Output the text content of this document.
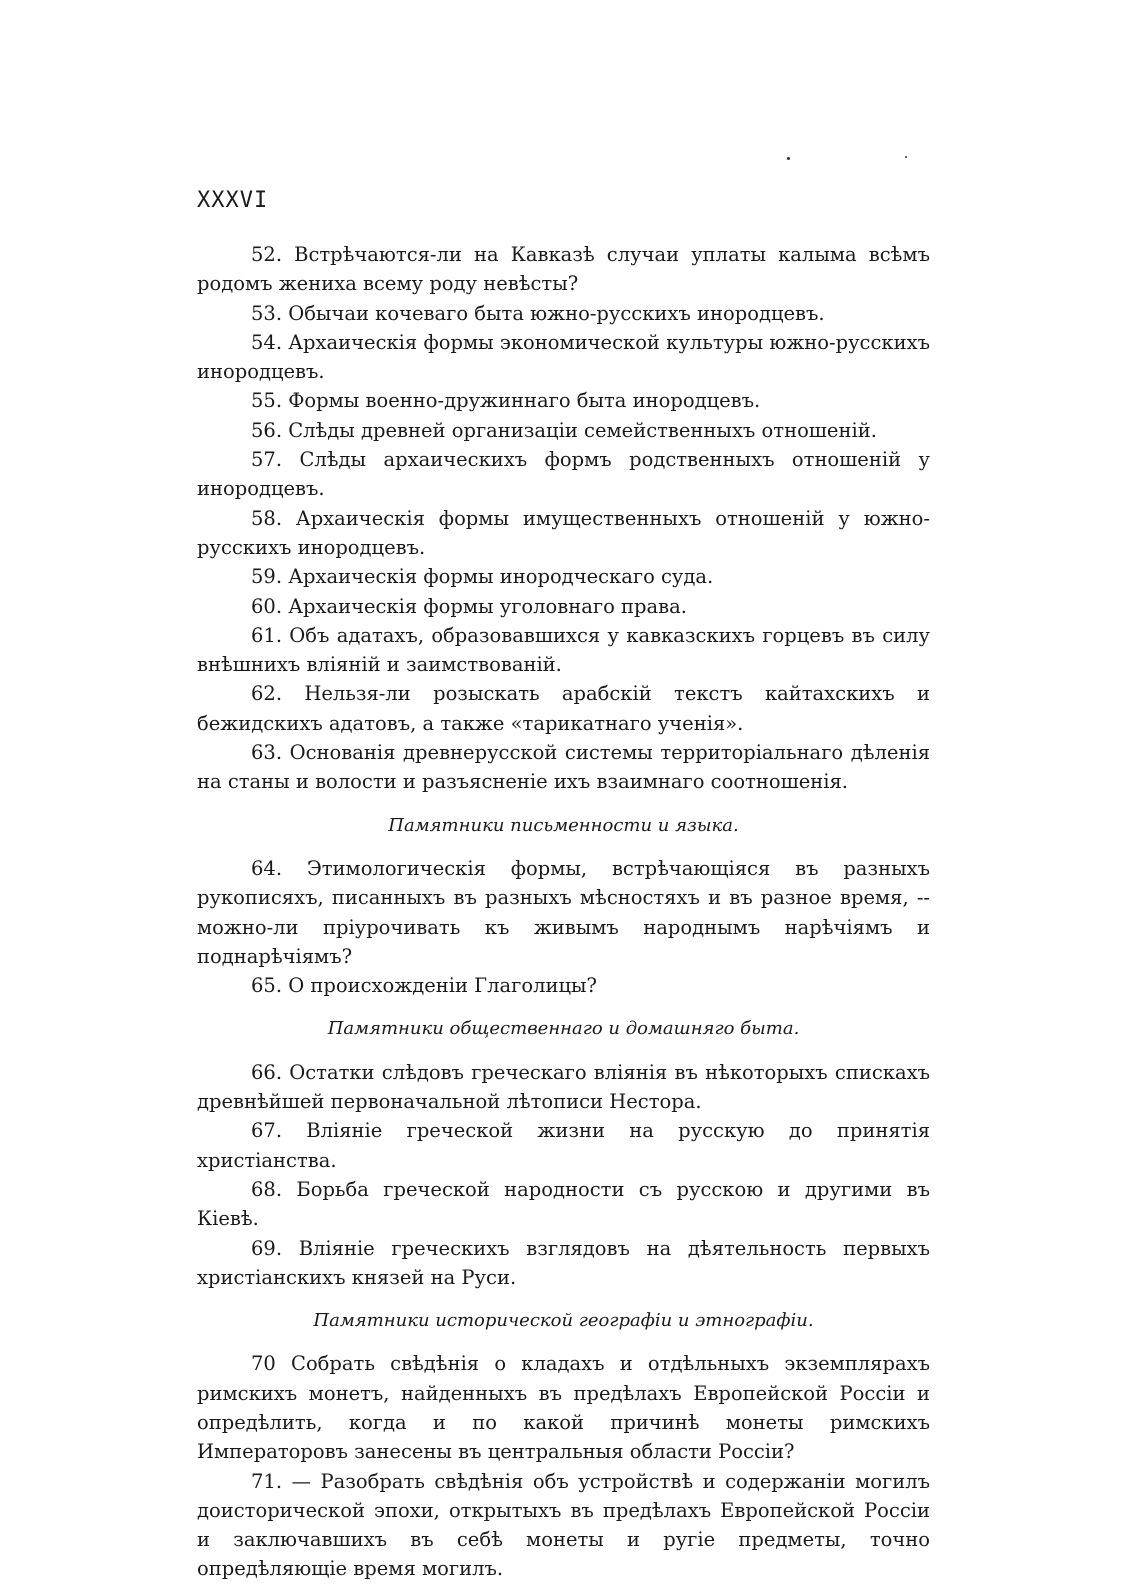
XXXVI

52. Встрѣчаются-ли на Кавказѣ случаи уплаты калыма всѣмъ родомъ жениха всему роду невѣсты?

53. Обычаи кочеваго быта южно-русскихъ инородцевъ.

54. Архаическія формы экономической культуры южно-русскихъ инородцевъ.

55. Формы военно-дружиннаго быта инородцевъ.

56. Слѣды древней организаціи семейственныхъ отношеній.

57. Слѣды архаическихъ формъ родственныхъ отношеній у инородцевъ.

58. Архаическія формы имущественныхъ отношеній у южно-русскихъ инородцевъ.

59. Архаическія формы инородческаго суда.

60. Архаическія формы уголовнаго права.

61. Объ адатахъ, образовавшихся у кавказскихъ горцевъ въ силу внѣшнихъ вліяній и заимствованій.

62. Нельзя-ли розыскать арабскій текстъ кайтахскихъ и бежидскихъ адатовъ, а также «тарикатнаго ученія».

63. Основанія древнерусской системы территоріальнаго дѣленія на станы и волости и разъясненіе ихъ взаимнаго соотношенія.

Памятники письменности и языка.

64. Этимологическія формы, встрѣчающіяся въ разныхъ рукописяхъ, писанныхъ въ разныхъ мѣсностяхъ и въ разное время, -- можно-ли пріурочивать къ живымъ народнымъ нарѣчіямъ и поднарѣчіямъ?

65. О происхожденіи Глаголицы?

Памятники общественнаго и домашняго быта.

66. Остатки слѣдовъ греческаго вліянія въ нѣкоторыхъ спискахъ древнѣйшей первоначальной лѣтописи Нестора.

67. Вліяніе греческой жизни на русскую до принятія христіанства.

68. Борьба греческой народности съ русскою и другими въ Кіевѣ.

69. Вліяніе греческихъ взглядовъ на дѣятельность первыхъ христіанскихъ князей на Руси.

Памятники исторической географіи и этнографіи.

70 Собрать свѣдѣнія о кладахъ и отдѣльныхъ экземплярахъ римскихъ монетъ, найденныхъ въ предѣлахъ Европейской Россіи и опредѣлить, когда и по какой причинѣ монеты римскихъ Императоровъ занесены въ центральныя области Россіи?

71. — Разобрать свѣдѣнія объ устройствѣ и содержаніи могилъ доисторической эпохи, открытыхъ въ предѣлахъ Европейской Россіи и заключавшихъ въ себѣ монеты и ругіе предметы, точно опредѣляющіе время могилъ.
